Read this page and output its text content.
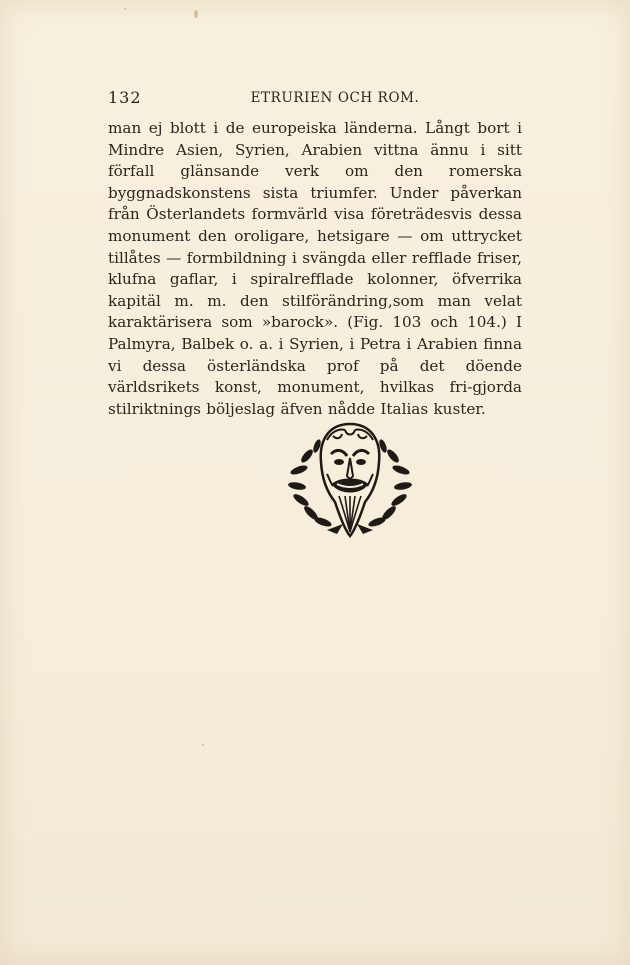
132	ETRURIEN OCH ROM.

man ej blott i de europeiska länderna. Långt bort i Mindre Asien, Syrien, Arabien vittna ännu i sitt förfall glänsande verk om den romerska byggnadskonstens sista triumfer. Under påverkan från Österlandets formvärld visa företrädesvis dessa monument den oroligare, hetsigare — om uttrycket tillåtes — formbildning i svängda eller refflade friser, klufna gaflar, i spiralrefflade kolonner, öfverrika kapitäl m. m. den stilförändring,som man velat karaktärisera som »barock». (Fig. 103 och 104.) I Palmyra, Balbek o. a. i Syrien, i Petra i Arabien finna vi dessa österländska prof på det döende världsrikets konst, monument, hvilkas fri-gjorda stilriktnings böljeslag äfven nådde Italias kuster.
